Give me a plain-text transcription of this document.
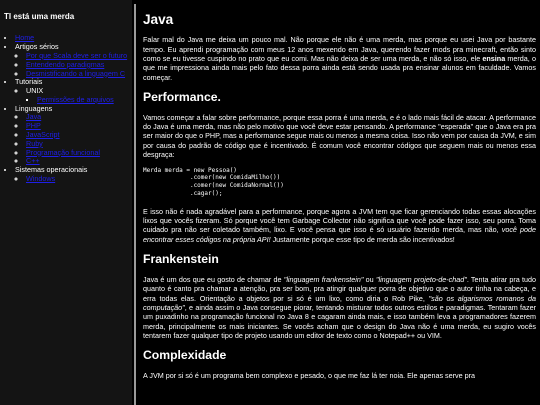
TI está uma merda
• Home
• Artigos sérios
◦ Por que Scala deve ser o futuro
◦ Entendendo paradigmas
◦ Desmistificando a linguagem C
• Tutoriais
◦ UNIX
▪ Permissões de arquivos
• Linguagens
◦ Java
◦ PHP
◦ JavaScript
◦ Ruby
◦ Programação funcional
◦ C++
• Sistemas operacionais
◦ Windows
Java

Falar mal do Java me deixa um pouco mal. Não porque ele não é uma merda, mas porque eu usei Java por bastante tempo. Eu aprendi programação com meus 12 anos mexendo em Java, querendo fazer mods pra minecraft, então sinto como se eu tivesse cuspindo no prato que eu comi. Mas não deixa de ser uma merda, e não só isso, ele ensina merda, o que me impressiona ainda mais pelo fato dessa porra ainda está sendo usada pra ensinar alunos em faculdade. Vamos começar.

Performance.

Vamos começar a falar sobre performance, porque essa porra é uma merda, e é o lado mais fácil de atacar. A performance do Java é uma merda, mas não pelo motivo que você deve estar pensando. A performance "esperada" que o Java era pra ser maior do que o PHP, mas a performance segue mais ou menos a mesma coisa. Isso não vem por causa da JVM, e sim por causa do padrão de código que é incentivado. É comum você encontrar códigos que seguem mais ou menos essa desgraça:

Merda merda = new Pessoa()
.comer(new ComidaMilho())
.comer(new ComidaNormal())
.cagar();

E isso não é nada agradável para a performance, porque agora a JVM tem que ficar gerenciando todas essas alocações lixos que vocês fizeram. Só porque você tem Garbage Collector não significa que você pode fazer isso, seu porra. Toma cuidado pra não ser coletado também, lixo. E você pensa que isso é só usuário fazendo merda, mas não, você pode encontrar esses códigos na própria API! Justamente porque esse tipo de merda são incentivados!

Frankenstein

Java é um dos que eu gosto de chamar de "linguagem frankenstein" ou "linguagem projeto-de-chad". Tenta atirar pra tudo quanto é canto pra chamar a atenção, pra ser bom, pra atingir qualquer porra de objetivo que o autor tinha na cabeça, e erra todas elas. Orientação a objetos por si só é um lixo, como diria o Rob Pike, "são os algarismos romanos da computação", e ainda assim o Java consegue piorar, tentando misturar todos outros estilos e paradigmas. Tentaram fazer um puxadinho na programação funcional no Java 8 e cagaram ainda mais, e isso também leva a programadores fazerem merda, principalmente os mais iniciantes. Se vocês acham que o design do Java não é uma merda, eu sugiro vocês tentarem fazer qualquer tipo de projeto usando um editor de texto como o Notepad++ ou VIM.

Complexidade

A JVM por si só é um programa bem complexo e pesado, o que me faz lá ter noia. Ele apenas serve pra
